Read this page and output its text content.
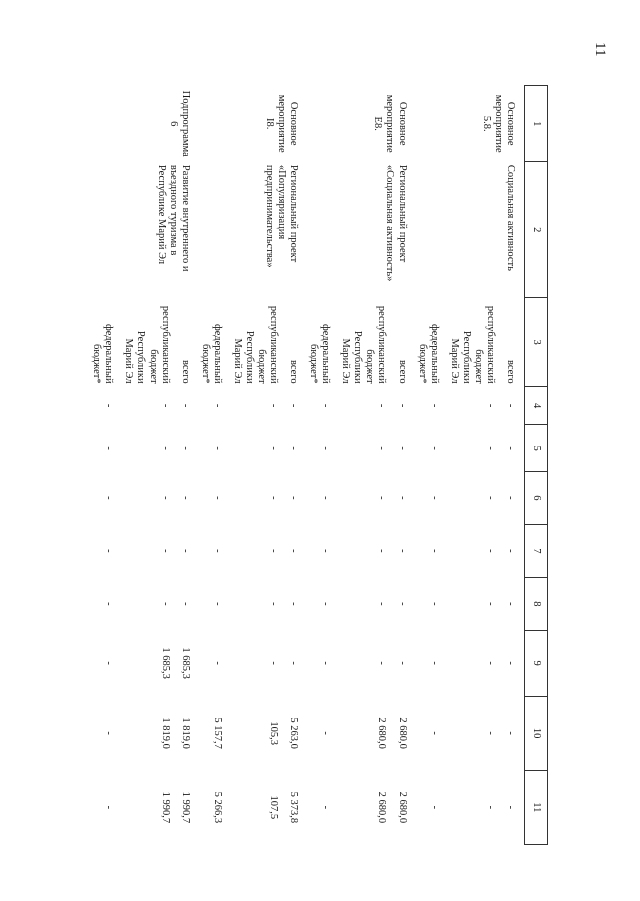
11
1	2	3	4	5	6	7	8	9	10	11
Основное мероприятие 5.8.	Социальная активность	всего	-	-	-	-	-	-	-	-
		республиканский бюджет Республики Марий Эл	-	-	-	-	-	-	-	-
		федеральный бюджет*	-	-	-	-	-	-	-	-
Основное мероприятие E8.	Региональный проект «Социальная активность»	всего	-	-	-	-	-	-	2 680,0	2 680,0
		республиканский бюджет Республики Марий Эл	-	-	-	-	-	-	2 680,0	2 680,0
		федеральный бюджет*	-	-	-	-	-	-	-	-
Основное мероприятие I8.	Региональный проект «Популяризация предпринимательства»	всего	-	-	-	-	-	-	5 263,0	5 373,8
		республиканский бюджет Республики Марий Эл	-	-	-	-	-	-	105,3	107,5
		федеральный бюджет*	-	-	-	-	-	-	5 157,7	5 266,3
Подпрограмма 6	Развитие внутреннего и въездного туризма в Республике Марий Эл	всего	-	-	-	-	-	1 685,3	1 819,0	1 990,7
		республиканский бюджет Республики Марий Эл	-	-	-	-	-	1 685,3	1 819,0	1 990,7
		федеральный бюджет*	-	-	-	-	-	-	-	-
